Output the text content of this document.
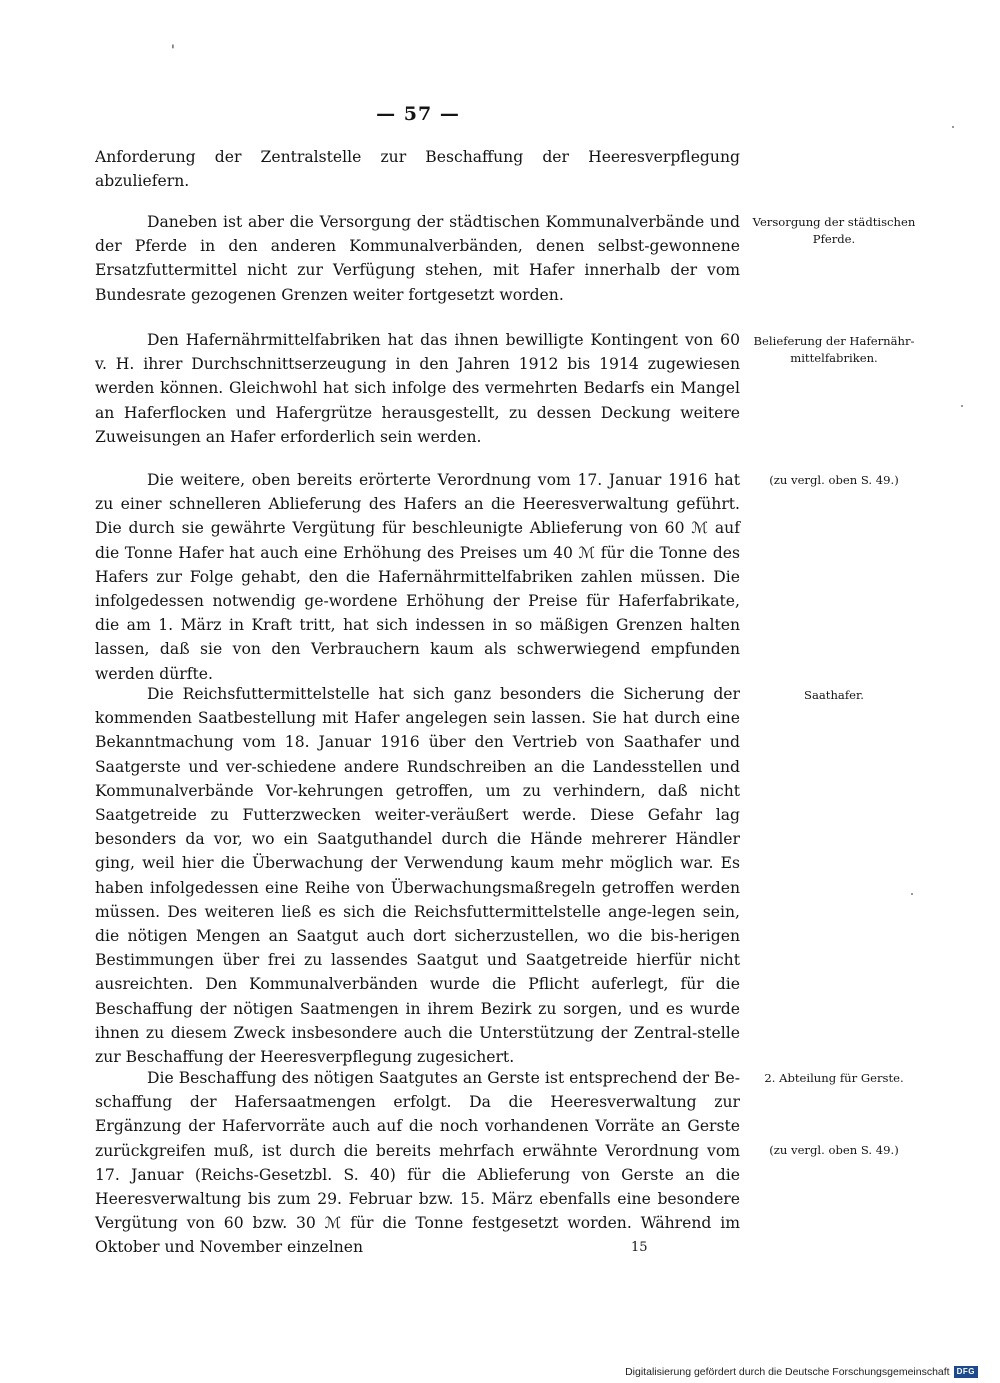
'
— 57 —

Anforderung der Zentralstelle zur Beschaffung der Heeresverpflegung abzuliefern.

Daneben ist aber die Versorgung der städtischen Kommunalverbände und der Pferde in den anderen Kommunalverbänden, denen selbst-gewonnene Ersatzfuttermittel nicht zur Verfügung stehen, mit Hafer innerhalb der vom Bundesrate gezogenen Grenzen weiter fortgesetzt worden.

Den Hafernährmittelfabriken hat das ihnen bewilligte Kontingent von 60 v. H. ihrer Durchschnittserzeugung in den Jahren 1912 bis 1914 zugewiesen werden können. Gleichwohl hat sich infolge des vermehrten Bedarfs ein Mangel an Haferflocken und Hafergrütze herausgestellt, zu dessen Deckung weitere Zuweisungen an Hafer erforderlich sein werden.

Die weitere, oben bereits erörterte Verordnung vom 17. Januar 1916 hat zu einer schnelleren Ablieferung des Hafers an die Heeresverwaltung geführt. Die durch sie gewährte Vergütung für beschleunigte Ablieferung von 60 ℳ auf die Tonne Hafer hat auch eine Erhöhung des Preises um 40 ℳ für die Tonne des Hafers zur Folge gehabt, den die Hafernährmittelfabriken zahlen müssen. Die infolgedessen notwendig ge-wordene Erhöhung der Preise für Haferfabrikate, die am 1. März in Kraft tritt, hat sich indessen in so mäßigen Grenzen halten lassen, daß sie von den Verbrauchern kaum als schwerwiegend empfunden werden dürfte.

Die Reichsfuttermittelstelle hat sich ganz besonders die Sicherung der kommenden Saatbestellung mit Hafer angelegen sein lassen. Sie hat durch eine Bekanntmachung vom 18. Januar 1916 über den Vertrieb von Saathafer und Saatgerste und ver-schiedene andere Rundschreiben an die Landesstellen und Kommunalverbände Vor-kehrungen getroffen, um zu verhindern, daß nicht Saatgetreide zu Futterzwecken weiter-veräußert werde. Diese Gefahr lag besonders da vor, wo ein Saatguthandel durch die Hände mehrerer Händler ging, weil hier die Überwachung der Verwendung kaum mehr möglich war. Es haben infolgedessen eine Reihe von Überwachungsmaßregeln getroffen werden müssen. Des weiteren ließ es sich die Reichsfuttermittelstelle ange-legen sein, die nötigen Mengen an Saatgut auch dort sicherzustellen, wo die bis-herigen Bestimmungen über frei zu lassendes Saatgut und Saatgetreide hierfür nicht ausreichten. Den Kommunalverbänden wurde die Pflicht auferlegt, für die Beschaffung der nötigen Saatmengen in ihrem Bezirk zu sorgen, und es wurde ihnen zu diesem Zweck insbesondere auch die Unterstützung der Zentral-stelle zur Beschaffung der Heeresverpflegung zugesichert.

Die Beschaffung des nötigen Saatgutes an Gerste ist entsprechend der Be-schaffung der Hafersaatmengen erfolgt. Da die Heeresverwaltung zur Ergänzung der Hafervorräte auch auf die noch vorhandenen Vorräte an Gerste zurückgreifen muß, ist durch die bereits mehrfach erwähnte Verordnung vom 17. Januar (Reichs-Gesetzbl. S. 40) für die Ablieferung von Gerste an die Heeresverwaltung bis zum 29. Februar bzw. 15. März ebenfalls eine besondere Vergütung von 60 bzw. 30 ℳ für die Tonne festgesetzt worden. Während im Oktober und November einzelnen

Versorgung der städtischen Pferde.

Belieferung der Hafernähr-mittelfabriken.

(zu vergl. oben S. 49.)

Saathafer.

2. Abteilung für Gerste.

(zu vergl. oben S. 49.)

15
Digitalisierung gefördert durch die Deutsche Forschungsgemeinschaft DFG
